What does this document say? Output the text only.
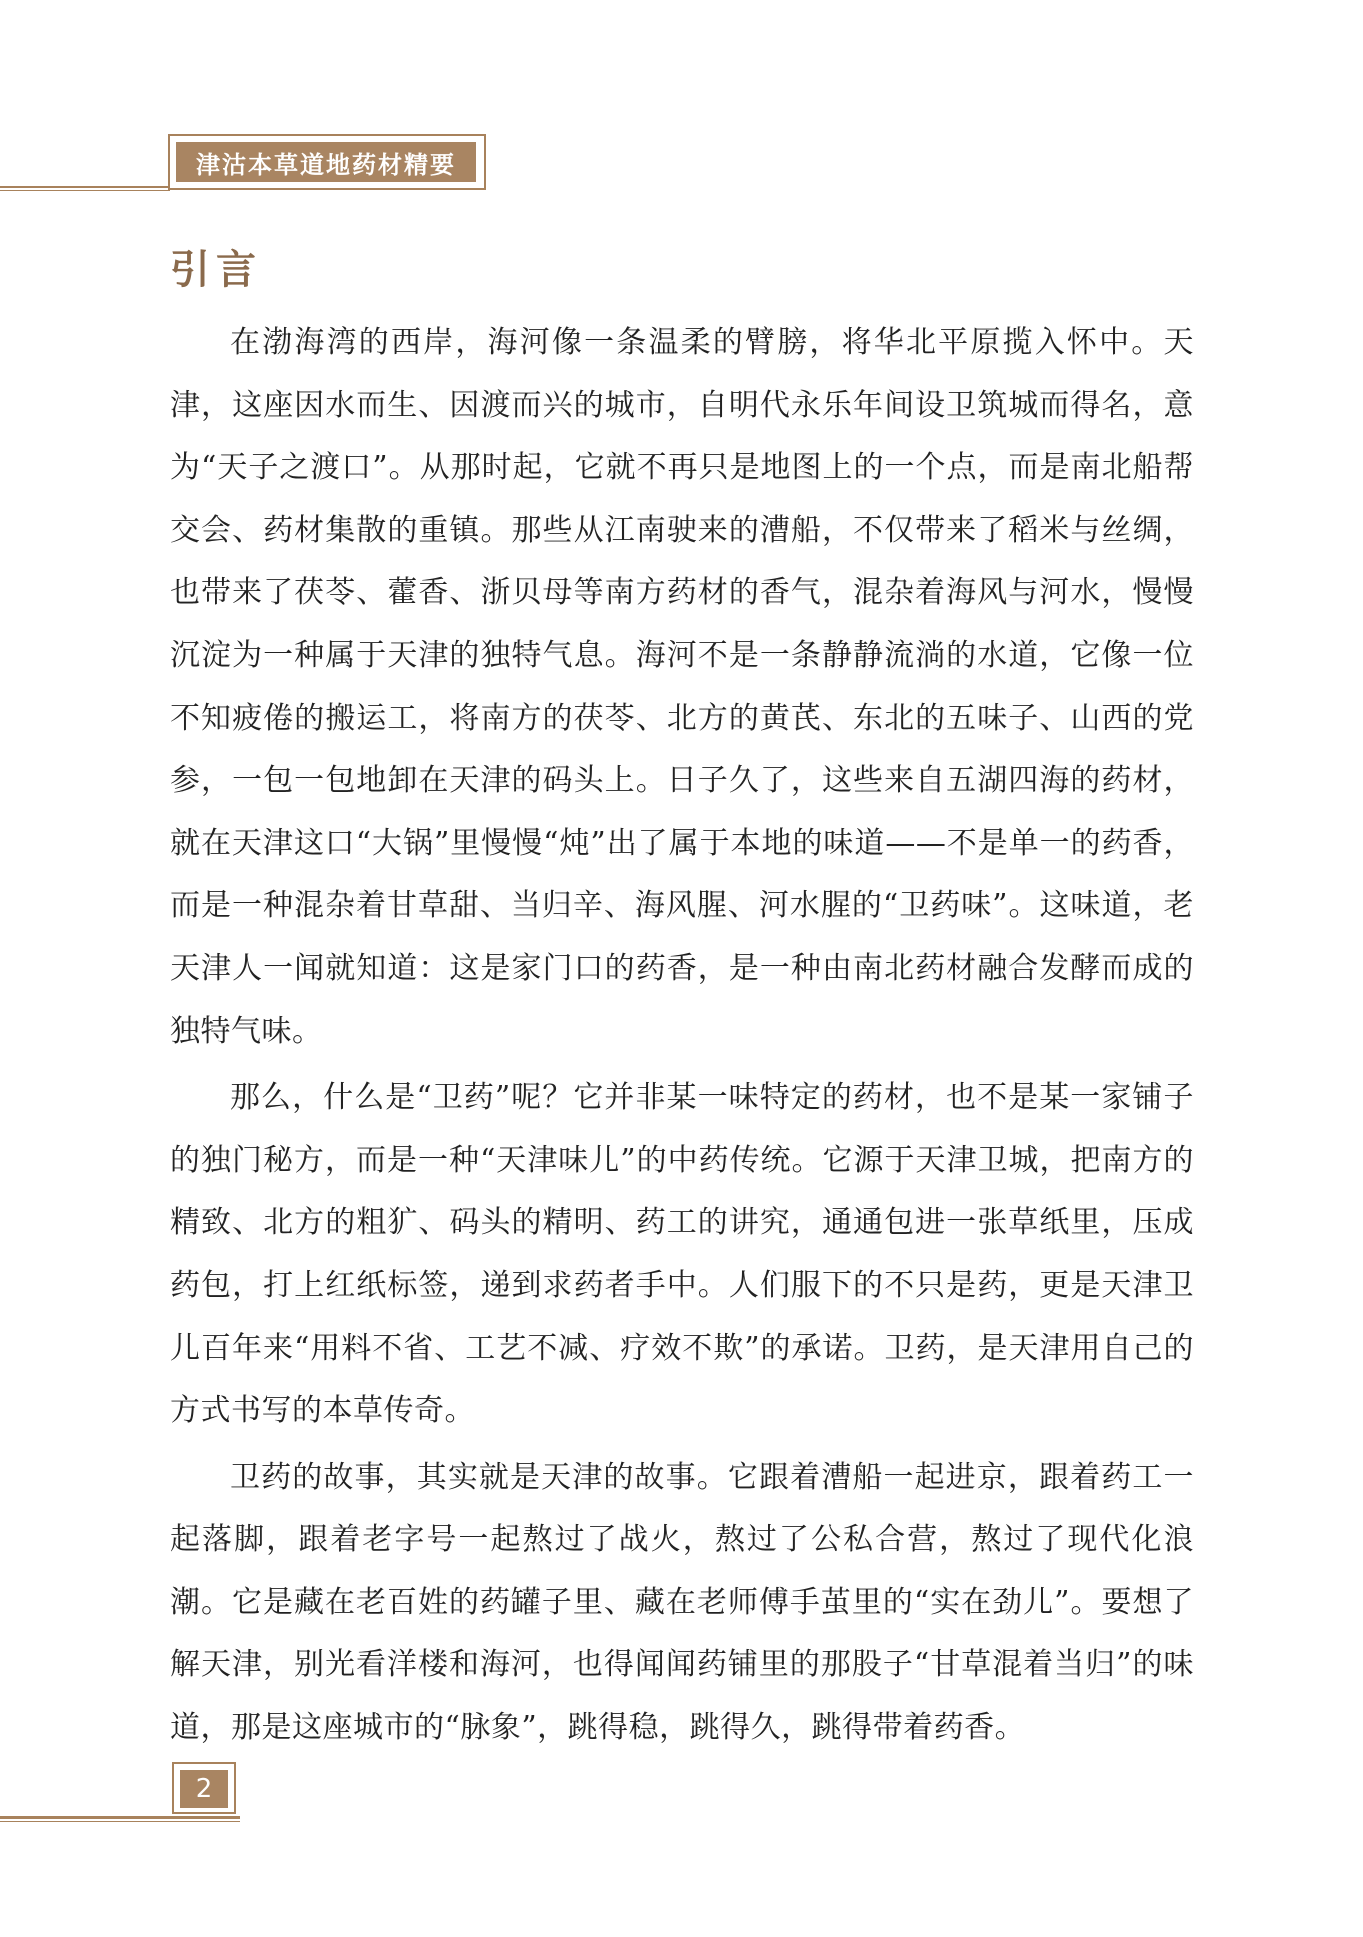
津沽本草道地药材精要
引言

在渤海湾的西岸，海河像一条温柔的臂膀，将华北平原揽入怀中。天津，这座因水而生、因渡而兴的城市，自明代永乐年间设卫筑城而得名，意为“天子之渡口”。从那时起，它就不再只是地图上的一个点，而是南北船帮交会、药材集散的重镇。那些从江南驶来的漕船，不仅带来了稻米与丝绸，也带来了茯苓、藿香、浙贝母等南方药材的香气，混杂着海风与河水，慢慢沉淀为一种属于天津的独特气息。海河不是一条静静流淌的水道，它像一位不知疲倦的搬运工，将南方的茯苓、北方的黄芪、东北的五味子、山西的党参，一包一包地卸在天津的码头上。日子久了，这些来自五湖四海的药材，就在天津这口“大锅”里慢慢“炖”出了属于本地的味道——不是单一的药香，而是一种混杂着甘草甜、当归辛、海风腥、河水腥的“卫药味”。这味道，老天津人一闻就知道：这是家门口的药香，是一种由南北药材融合发酵而成的独特气味。

那么，什么是“卫药”呢？它并非某一味特定的药材，也不是某一家铺子的独门秘方，而是一种“天津味儿”的中药传统。它源于天津卫城，把南方的精致、北方的粗犷、码头的精明、药工的讲究，通通包进一张草纸里，压成药包，打上红纸标签，递到求药者手中。人们服下的不只是药，更是天津卫儿百年来“用料不省、工艺不减、疗效不欺”的承诺。卫药，是天津用自己的方式书写的本草传奇。

卫药的故事，其实就是天津的故事。它跟着漕船一起进京，跟着药工一起落脚，跟着老字号一起熬过了战火，熬过了公私合营，熬过了现代化浪潮。它是藏在老百姓的药罐子里、藏在老师傅手茧里的“实在劲儿”。要想了解天津，别光看洋楼和海河，也得闻闻药铺里的那股子“甘草混着当归”的味道，那是这座城市的“脉象”，跳得稳，跳得久，跳得带着药香。

2
